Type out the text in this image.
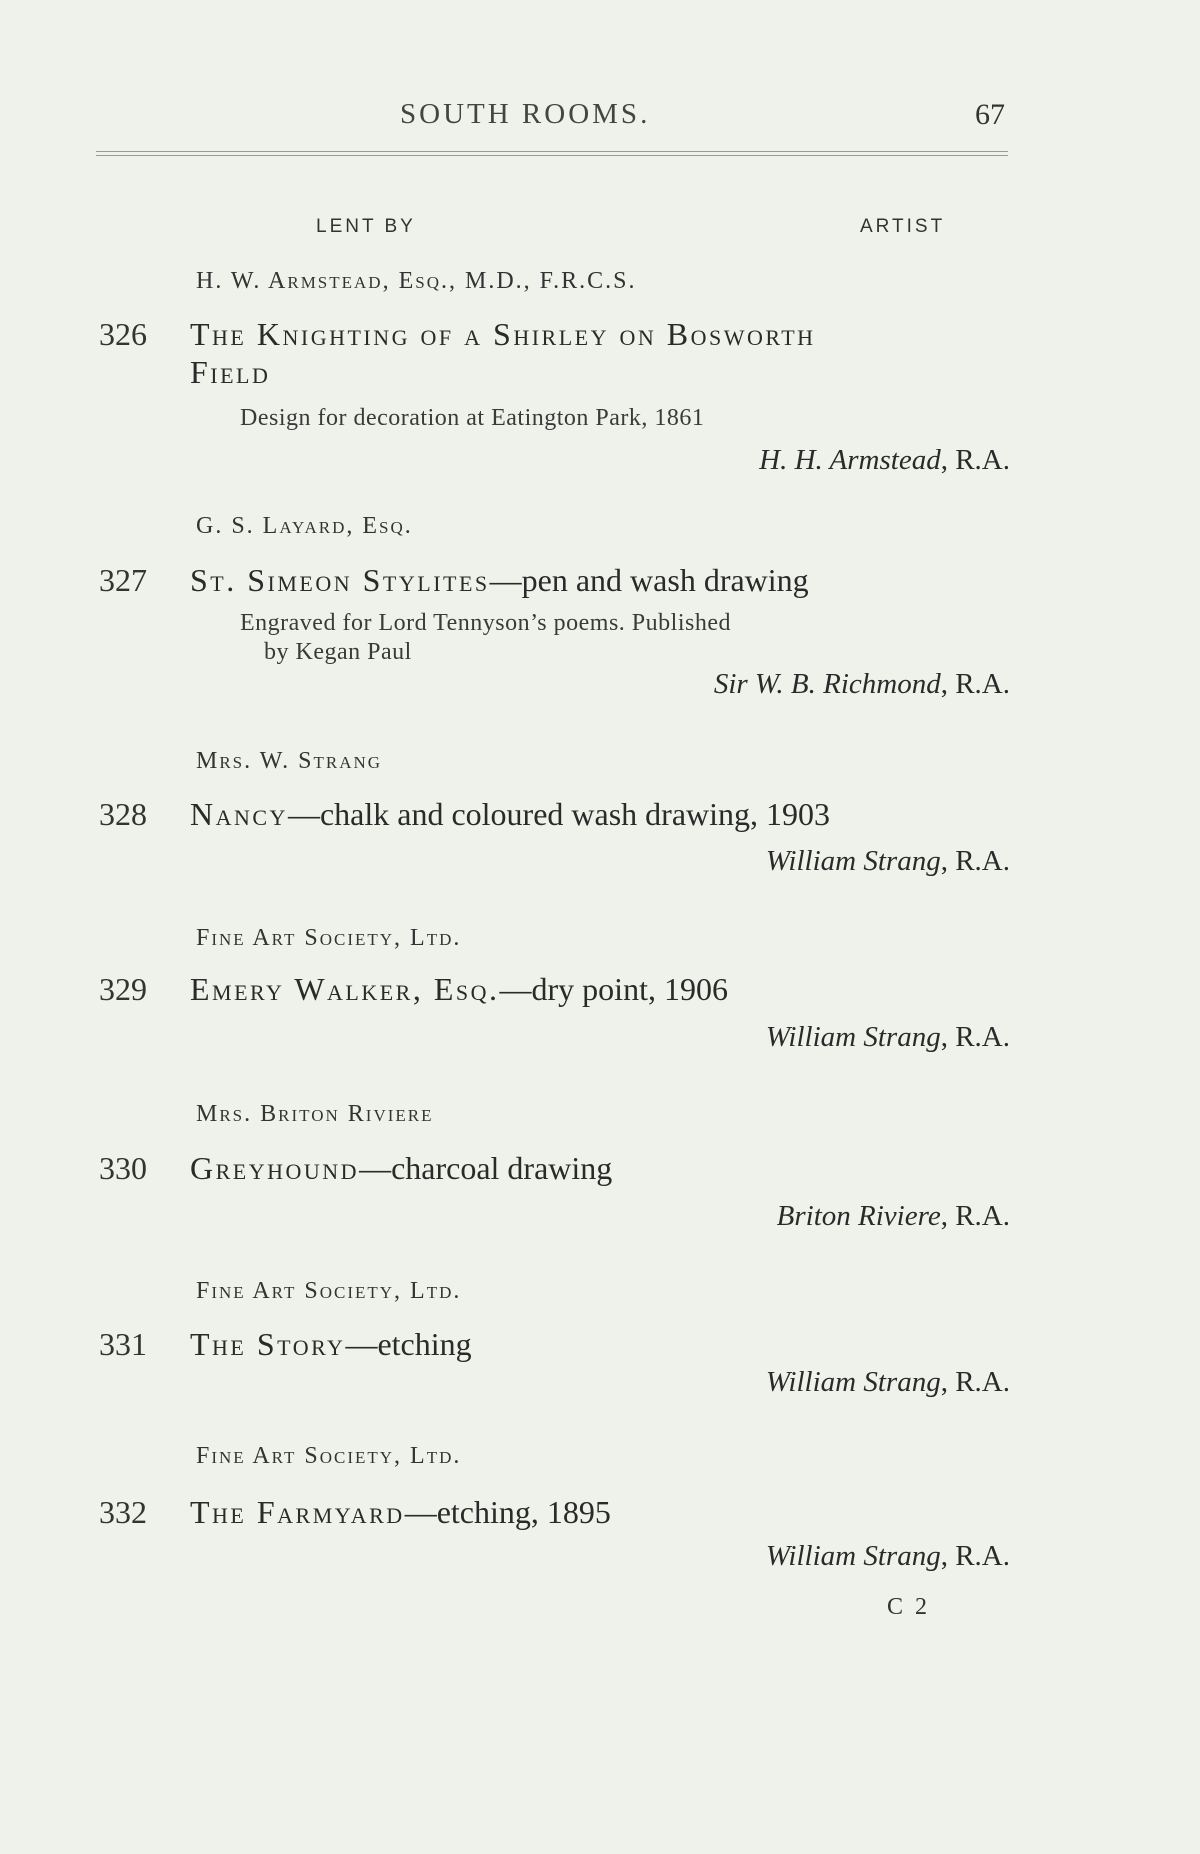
SOUTH ROOMS.	67
LENT BY	ARTIST
H. W. Armstead, Esq., M.D., F.R.C.S.
326 The Knighting of a Shirley on Bosworth
Field
Design for decoration at Eatington Park, 1861
H. H. Armstead, R.A.
G. S. Layard, Esq.
327 St. Simeon Stylites—pen and wash drawing
Engraved for Lord Tennyson’s poems. Published
by Kegan Paul
Sir W. B. Richmond, R.A.
Mrs. W. Strang
328 Nancy—chalk and coloured wash drawing, 1903
William Strang, R.A.
Fine Art Society, Ltd.
329 Emery Walker, Esq.—dry point, 1906
William Strang, R.A.
Mrs. Briton Riviere
330 Greyhound—charcoal drawing
Briton Riviere, R.A.
Fine Art Society, Ltd.
331 The Story—etching
William Strang, R.A.
Fine Art Society, Ltd.
332 The Farmyard—etching, 1895
William Strang, R.A.
C 2
